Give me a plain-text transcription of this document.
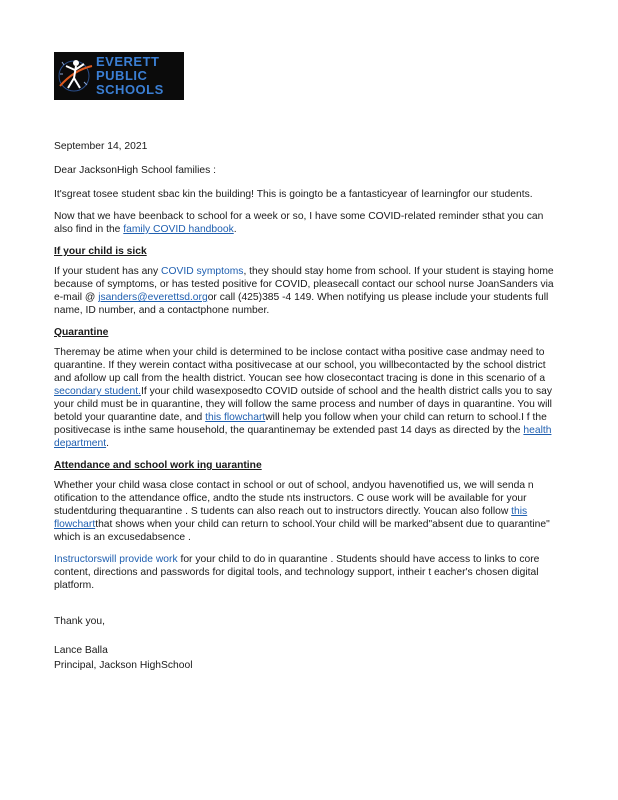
EVERETT
PUBLIC
SCHOOLS

September 14, 2021

Dear JacksonHigh School families :

It'sgreat tosee student sbac kin the building! This is goingto be a fantasticyear of learningfor our students.

Now that we have beenback to school for a week or so, I have some COVID-related reminder sthat you can also find in the family COVID handbook.

If your child is sick

If your student has any COVID symptoms, they should stay home from school. If your student is staying home because of symptoms, or has tested positive for COVID, pleasecall contact our school nurse JoanSanders via e-mail @ jsanders@everettsd.orgor call (425)385 -4 149. When notifying us please include your students full name, ID number, and a contactphone number.

Quarantine

Theremay be atime when your child is determined to be inclose contact witha positive case andmay need to quarantine. If they werein contact witha positivecase at our school, you willbecontacted by the school district and afollow up call from the health district. Youcan see how closecontact tracing is done in this scenario of a secondary student.If your child wasexposedto COVID outside of school and the health district calls you to say your child must be in quarantine, they will follow the same process and number of days in quarantine. You will betold your quarantine date, and this flowchartwill help you follow when your child can return to school.I f the positivecase is inthe same household, the quarantinemay be extended past 14 days as directed by the health department.

Attendance and school work ing uarantine

Whether your child wasa close contact in school or out of school, andyou havenotified us, we will senda n otification to the attendance office, andto the stude nts instructors. C ouse work will be available for your studentduring thequarantine . S tudents can also reach out to instructors directly. Youcan also follow this flowchartthat shows when your child can return to school.Your child will be marked"absent due to quarantine" which is an excusedabsence .

Instructorswill provide work for your child to do in quarantine . Students should have access to links to core content, directions and passwords for digital tools, and technology support, intheir t eacher's chosen digital platform.

Thank you,

Lance Balla

Principal, Jackson HighSchool
